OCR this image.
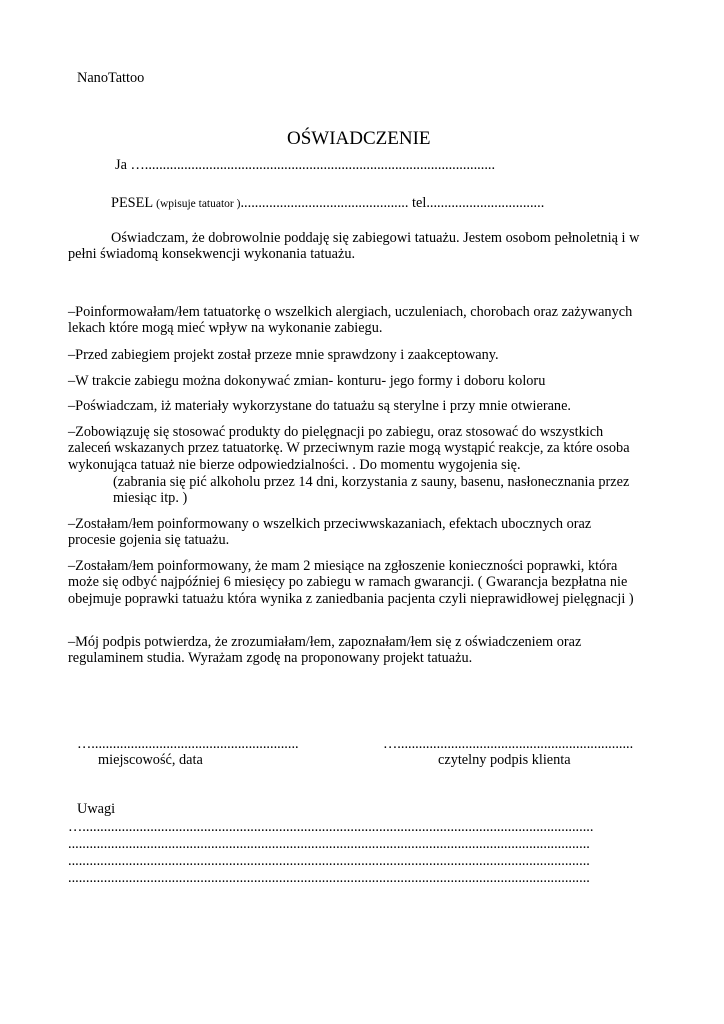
NanoTattoo
OŚWIADCZENIE
Ja …..................................................................................................
PESEL (wpisuje tatuator )............................................... tel.................................
Oświadczam, że dobrowolnie poddaję się zabiegowi tatuażu. Jestem osobom pełnoletnią i w
pełni świadomą konsekwencji wykonania tatuażu.
–Poinformowałam/łem tatuatorkę o wszelkich alergiach, uczuleniach, chorobach oraz zażywanych
lekach które mogą mieć wpływ na wykonanie zabiegu.
–Przed zabiegiem projekt został przeze mnie sprawdzony i zaakceptowany.
–W trakcie zabiegu można dokonywać zmian- konturu- jego formy i doboru koloru
–Poświadczam, iż materiały wykorzystane do tatuażu są sterylne i przy mnie otwierane.
–Zobowiązuję się stosować produkty do pielęgnacji po zabiegu, oraz stosować do wszystkich
zaleceń wskazanych przez tatuatorkę. W przeciwnym razie mogą wystąpić reakcje, za które osoba
wykonująca tatuaż nie bierze odpowiedzialności. . Do momentu wygojenia się.
(zabrania się pić alkoholu przez 14 dni, korzystania z sauny, basenu, nasłonecznania przez
miesiąc itp. )
–Zostałam/łem poinformowany o wszelkich przeciwwskazaniach, efektach ubocznych oraz
procesie gojenia się tatuażu.
–Zostałam/łem poinformowany, że mam 2 miesiące na zgłoszenie konieczności poprawki, która
może się odbyć najpóźniej 6 miesięcy po zabiegu w ramach gwarancji. ( Gwarancja bezpłatna nie
obejmuje poprawki tatuażu która wynika z zaniedbania pacjenta czyli nieprawidłowej pielęgnacji )
–Mój podpis potwierdza, że zrozumiałam/łem, zapoznałam/łem się z oświadczeniem oraz
regulaminem studia. Wyrażam zgodę na proponowany projekt tatuażu.
…..........................................................	…..................................................................
miejscowość, data	czytelny podpis klienta
Uwagi
…...............................................................................................................................................
..................................................................................................................................................
..................................................................................................................................................
..................................................................................................................................................
